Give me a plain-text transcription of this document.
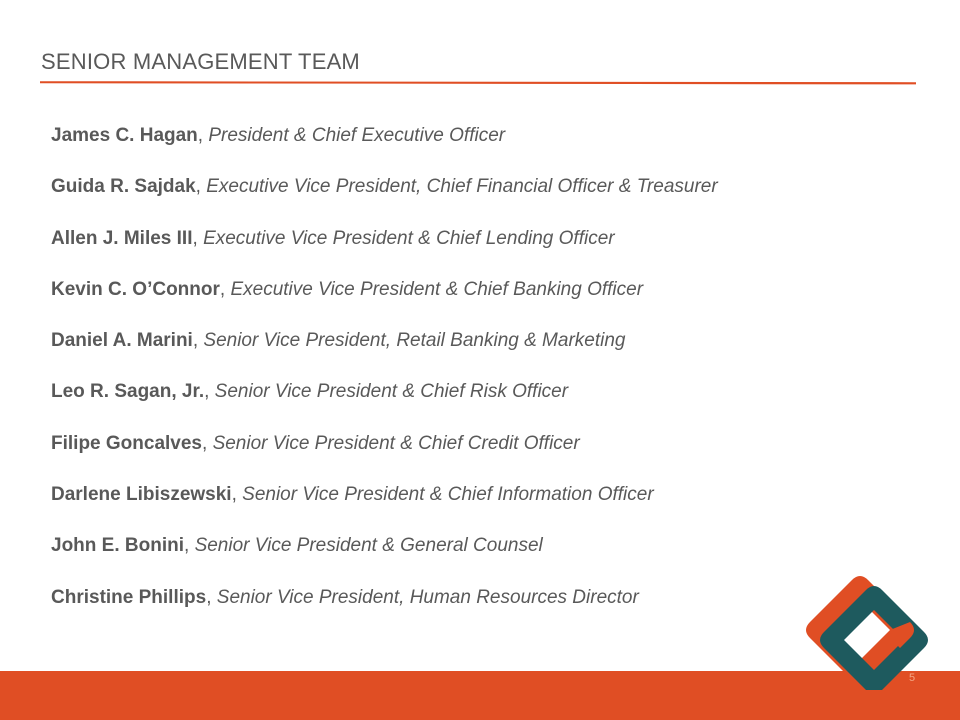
SENIOR MANAGEMENT TEAM
James C. Hagan, President & Chief Executive Officer
Guida R. Sajdak, Executive Vice President, Chief Financial Officer & Treasurer
Allen J. Miles III, Executive Vice President & Chief Lending Officer
Kevin C. O’Connor, Executive Vice President & Chief Banking Officer
Daniel A. Marini, Senior Vice President, Retail Banking & Marketing
Leo R. Sagan, Jr., Senior Vice President & Chief Risk Officer
Filipe Goncalves, Senior Vice President & Chief Credit Officer
Darlene Libiszewski, Senior Vice President & Chief Information Officer
John E. Bonini, Senior Vice President & General Counsel
Christine Phillips, Senior Vice President, Human Resources Director
5
